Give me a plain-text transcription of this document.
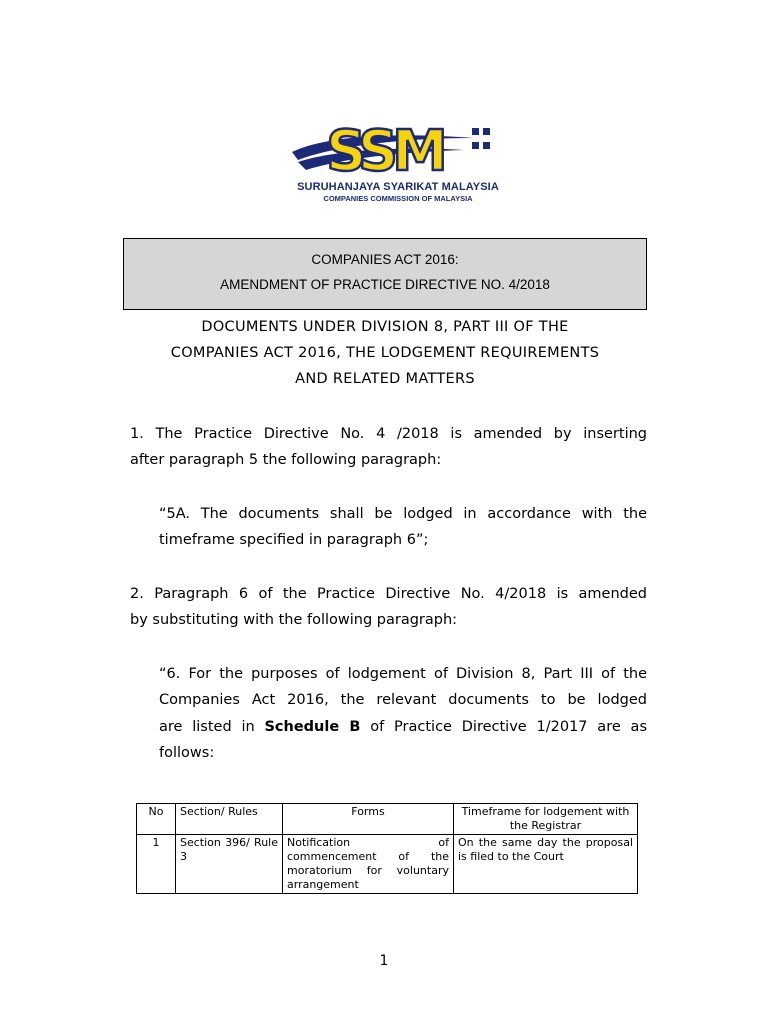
SSM
SURUHANJAYA SYARIKAT MALAYSIA
COMPANIES COMMISSION OF MALAYSIA
COMPANIES ACT 2016:
AMENDMENT OF PRACTICE DIRECTIVE NO. 4/2018
DOCUMENTS UNDER DIVISION 8, PART III OF THE
COMPANIES ACT 2016, THE LODGEMENT REQUIREMENTS
AND RELATED MATTERS
1. The Practice Directive No. 4 /2018 is amended by inserting
after paragraph 5 the following paragraph:
“5A. The documents shall be lodged in accordance with the
timeframe specified in paragraph 6”;
2. Paragraph 6 of the Practice Directive No. 4/2018 is amended
by substituting with the following paragraph:
“6. For the purposes of lodgement of Division 8, Part III of the
Companies Act 2016, the relevant documents to be lodged
are listed in Schedule B of Practice Directive 1/2017 are as
follows:
No	Section/ Rules	Forms	Timeframe for lodgement with the Registrar
1	Section 396/ Rule 3	Notification of commencement of the moratorium for voluntary arrangement	On the same day the proposal is filed to the Court
1
